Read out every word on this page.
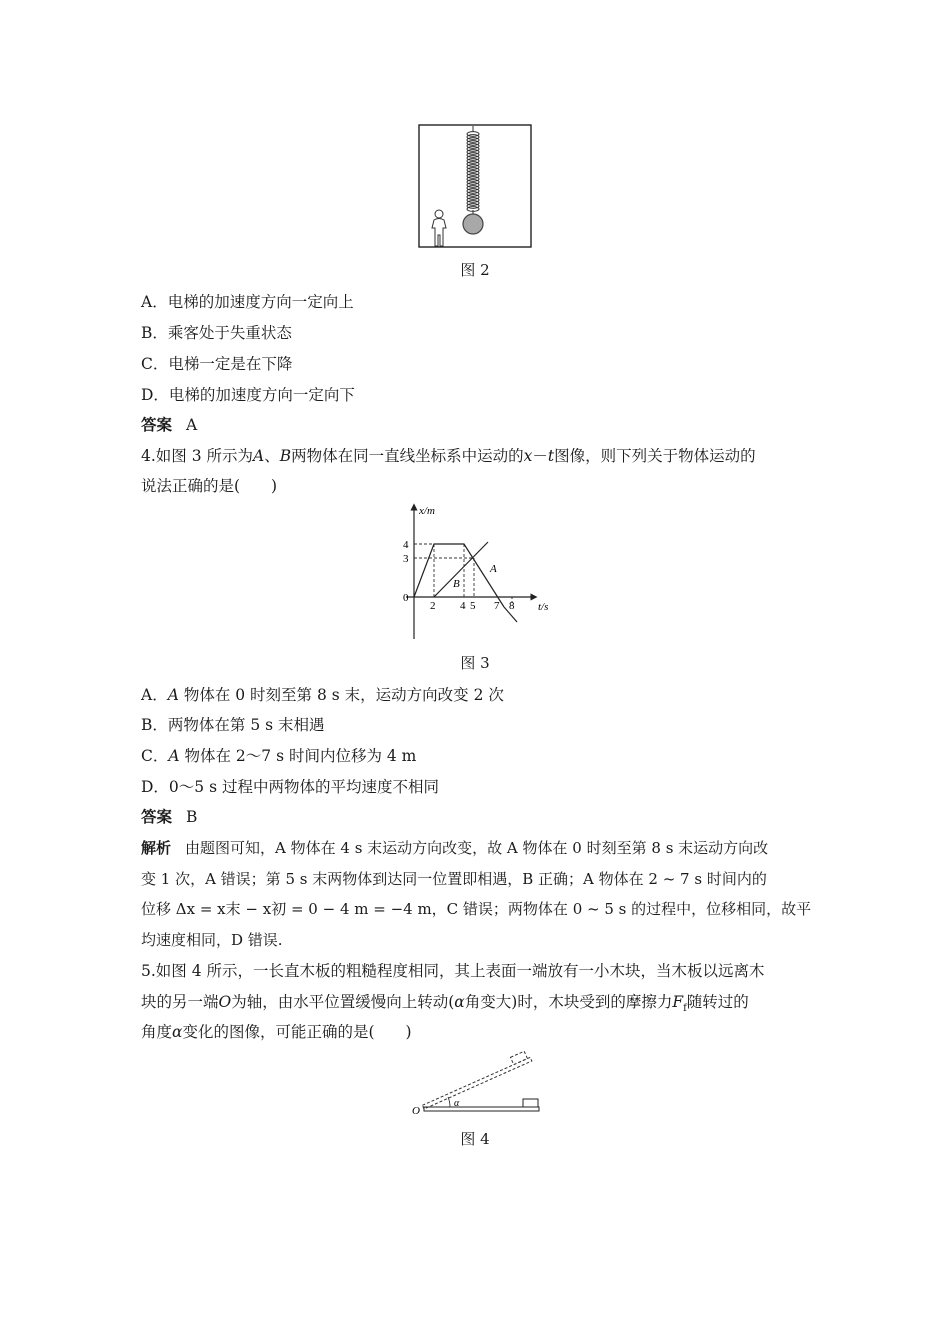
图 2
A．电梯的加速度方向一定向上
B．乘客处于失重状态
C．电梯一定是在下降
D．电梯的加速度方向一定向下
答案 A
4.如图 3 所示为A、B两物体在同一直线坐标系中运动的x－t图像，则下列关于物体运动的
说法正确的是(　　)
x/m
t/s
4
3
0
2 4 5 7 8
A
B
图 3
A．A 物体在 0 时刻至第 8 s 末，运动方向改变 2 次
B．两物体在第 5 s 末相遇
C．A 物体在 2～7 s 时间内位移为 4 m
D．0～5 s 过程中两物体的平均速度不相同
答案 B
解析 由题图可知，A 物体在 4 s 末运动方向改变，故 A 物体在 0 时刻至第 8 s 末运动方向改
变 1 次，A 错误；第 5 s 末两物体到达同一位置即相遇，B 正确；A 物体在 2 ~ 7 s 时间内的
位移 Δx = x末 − x初 = 0 − 4 m = −4 m，C 错误；两物体在 0 ~ 5 s 的过程中，位移相同，故平
均速度相同，D 错误.
5.如图 4 所示，一长直木板的粗糙程度相同，其上表面一端放有一小木块，当木板以远离木
块的另一端O为轴，由水平位置缓慢向上转动(α角变大)时，木块受到的摩擦力$F_f$随转过的
角度α变化的图像，可能正确的是(　　)
O
α
图 4
